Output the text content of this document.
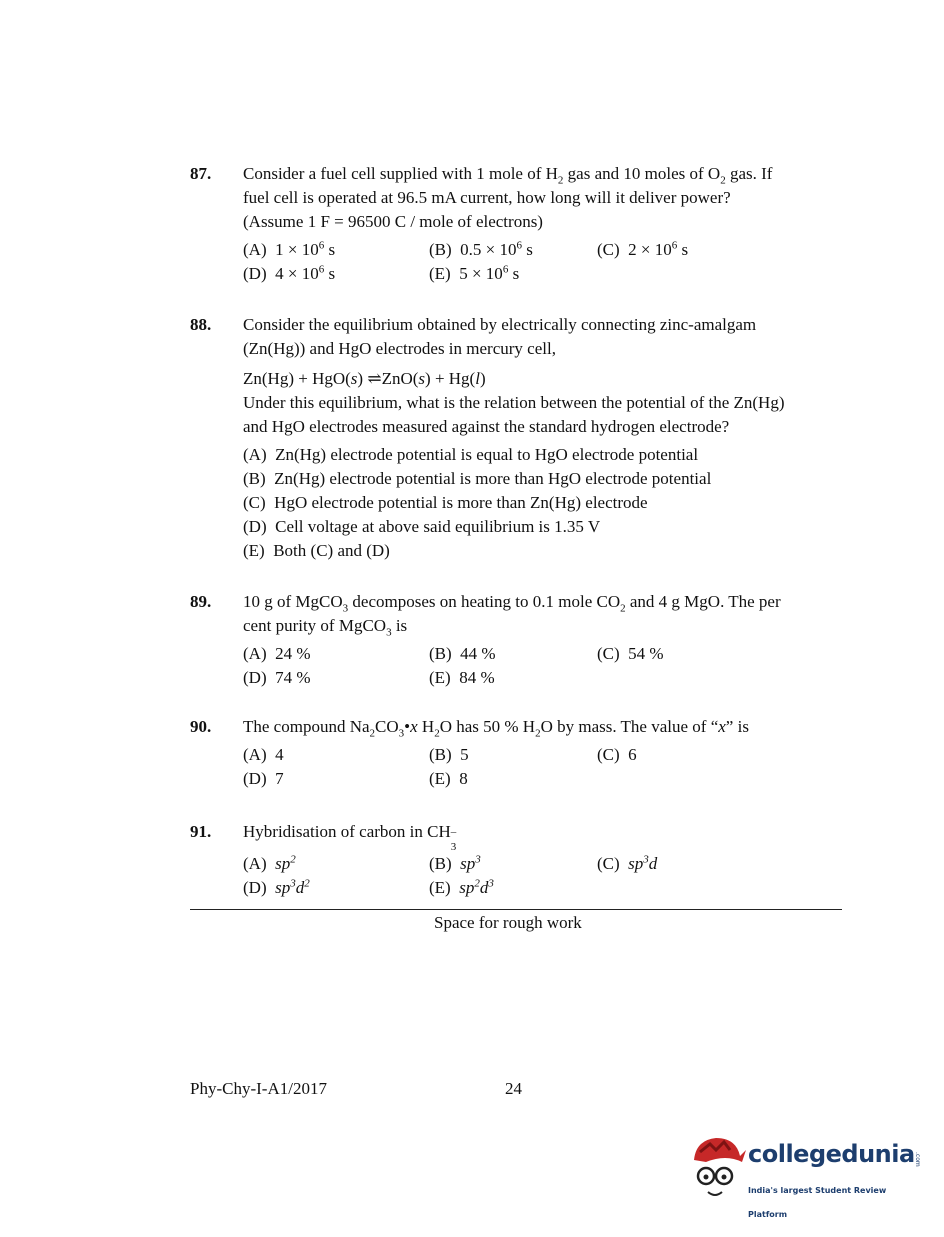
87. Consider a fuel cell supplied with 1 mole of $H_2$ gas and 10 moles of $O_2$ gas. If
fuel cell is operated at 96.5 mA current, how long will it deliver power?
(Assume 1 F = 96500 C / mole of electrons)
(A) $1 \times 10^6$ s	(B) $0.5 \times 10^6$ s	(C) $2 \times 10^6$ s
(D) $4 \times 10^6$ s	(E) $5 \times 10^6$ s
88. Consider the equilibrium obtained by electrically connecting zinc-amalgam
(Zn(Hg)) and HgO electrodes in mercury cell,
Zn(Hg) + HgO(s) ⇌ZnO(s) + Hg(l)
Under this equilibrium, what is the relation between the potential of the Zn(Hg)
and HgO electrodes measured against the standard hydrogen electrode?
(A) Zn(Hg) electrode potential is equal to HgO electrode potential
(B) Zn(Hg) electrode potential is more than HgO electrode potential
(C) HgO electrode potential is more than Zn(Hg) electrode
(D) Cell voltage at above said equilibrium is 1.35 V
(E) Both (C) and (D)
89. 10 g of MgCO$_3$ decomposes on heating to 0.1 mole $CO_2$ and 4 g MgO. The per
cent purity of MgCO$_3$ is
(A) 24 %	(B) 44 %	(C) 54 %
(D) 74 %	(E) 84 %
90. The compound $Na_2CO_3•x$ $H_2O$ has 50 % $H_2O$ by mass. The value of “x” is
(A) 4	(B) 5	(C) 6
(D) 7	(E) 8
91. Hybridisation of carbon in CH –
3
(A) $sp^2$	(B) $sp^3$	(C) $sp^3d$
(D) $sp^3d^2$	(E) $sp^2d^3$
Space for rough work
Phy-Chy-I-A1/2017	24
collegedunia .com
India's largest Student Review Platform
